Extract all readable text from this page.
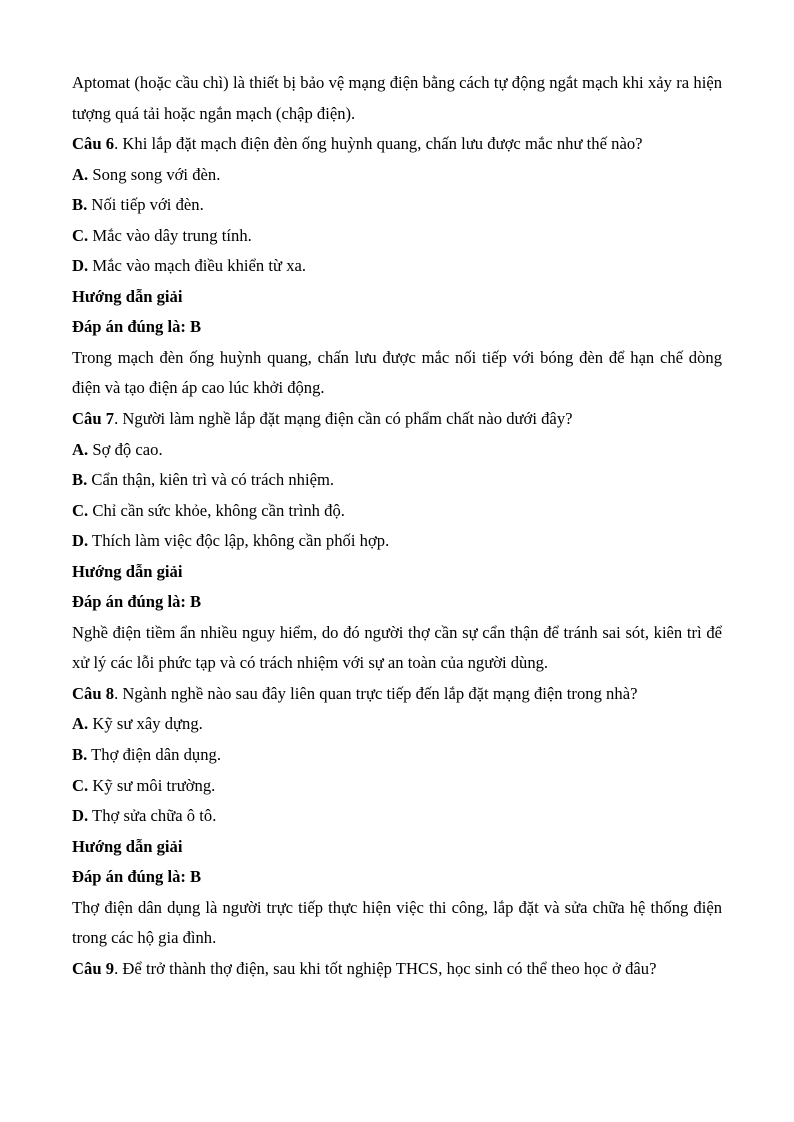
Aptomat (hoặc cầu chì) là thiết bị bảo vệ mạng điện bằng cách tự động ngắt mạch khi xảy ra hiện tượng quá tải hoặc ngắn mạch (chập điện).
Câu 6. Khi lắp đặt mạch điện đèn ống huỳnh quang, chấn lưu được mắc như thế nào?
A. Song song với đèn.
B. Nối tiếp với đèn.
C. Mắc vào dây trung tính.
D. Mắc vào mạch điều khiển từ xa.
Hướng dẫn giải
Đáp án đúng là: B
Trong mạch đèn ống huỳnh quang, chấn lưu được mắc nối tiếp với bóng đèn để hạn chế dòng điện và tạo điện áp cao lúc khởi động.
Câu 7. Người làm nghề lắp đặt mạng điện cần có phẩm chất nào dưới đây?
A. Sợ độ cao.
B. Cẩn thận, kiên trì và có trách nhiệm.
C. Chỉ cần sức khỏe, không cần trình độ.
D. Thích làm việc độc lập, không cần phối hợp.
Hướng dẫn giải
Đáp án đúng là: B
Nghề điện tiềm ẩn nhiều nguy hiểm, do đó người thợ cần sự cẩn thận để tránh sai sót, kiên trì để xử lý các lỗi phức tạp và có trách nhiệm với sự an toàn của người dùng.
Câu 8. Ngành nghề nào sau đây liên quan trực tiếp đến lắp đặt mạng điện trong nhà?
A. Kỹ sư xây dựng.
B. Thợ điện dân dụng.
C. Kỹ sư môi trường.
D. Thợ sửa chữa ô tô.
Hướng dẫn giải
Đáp án đúng là: B
Thợ điện dân dụng là người trực tiếp thực hiện việc thi công, lắp đặt và sửa chữa hệ thống điện trong các hộ gia đình.
Câu 9. Để trở thành thợ điện, sau khi tốt nghiệp THCS, học sinh có thể theo học ở đâu?
